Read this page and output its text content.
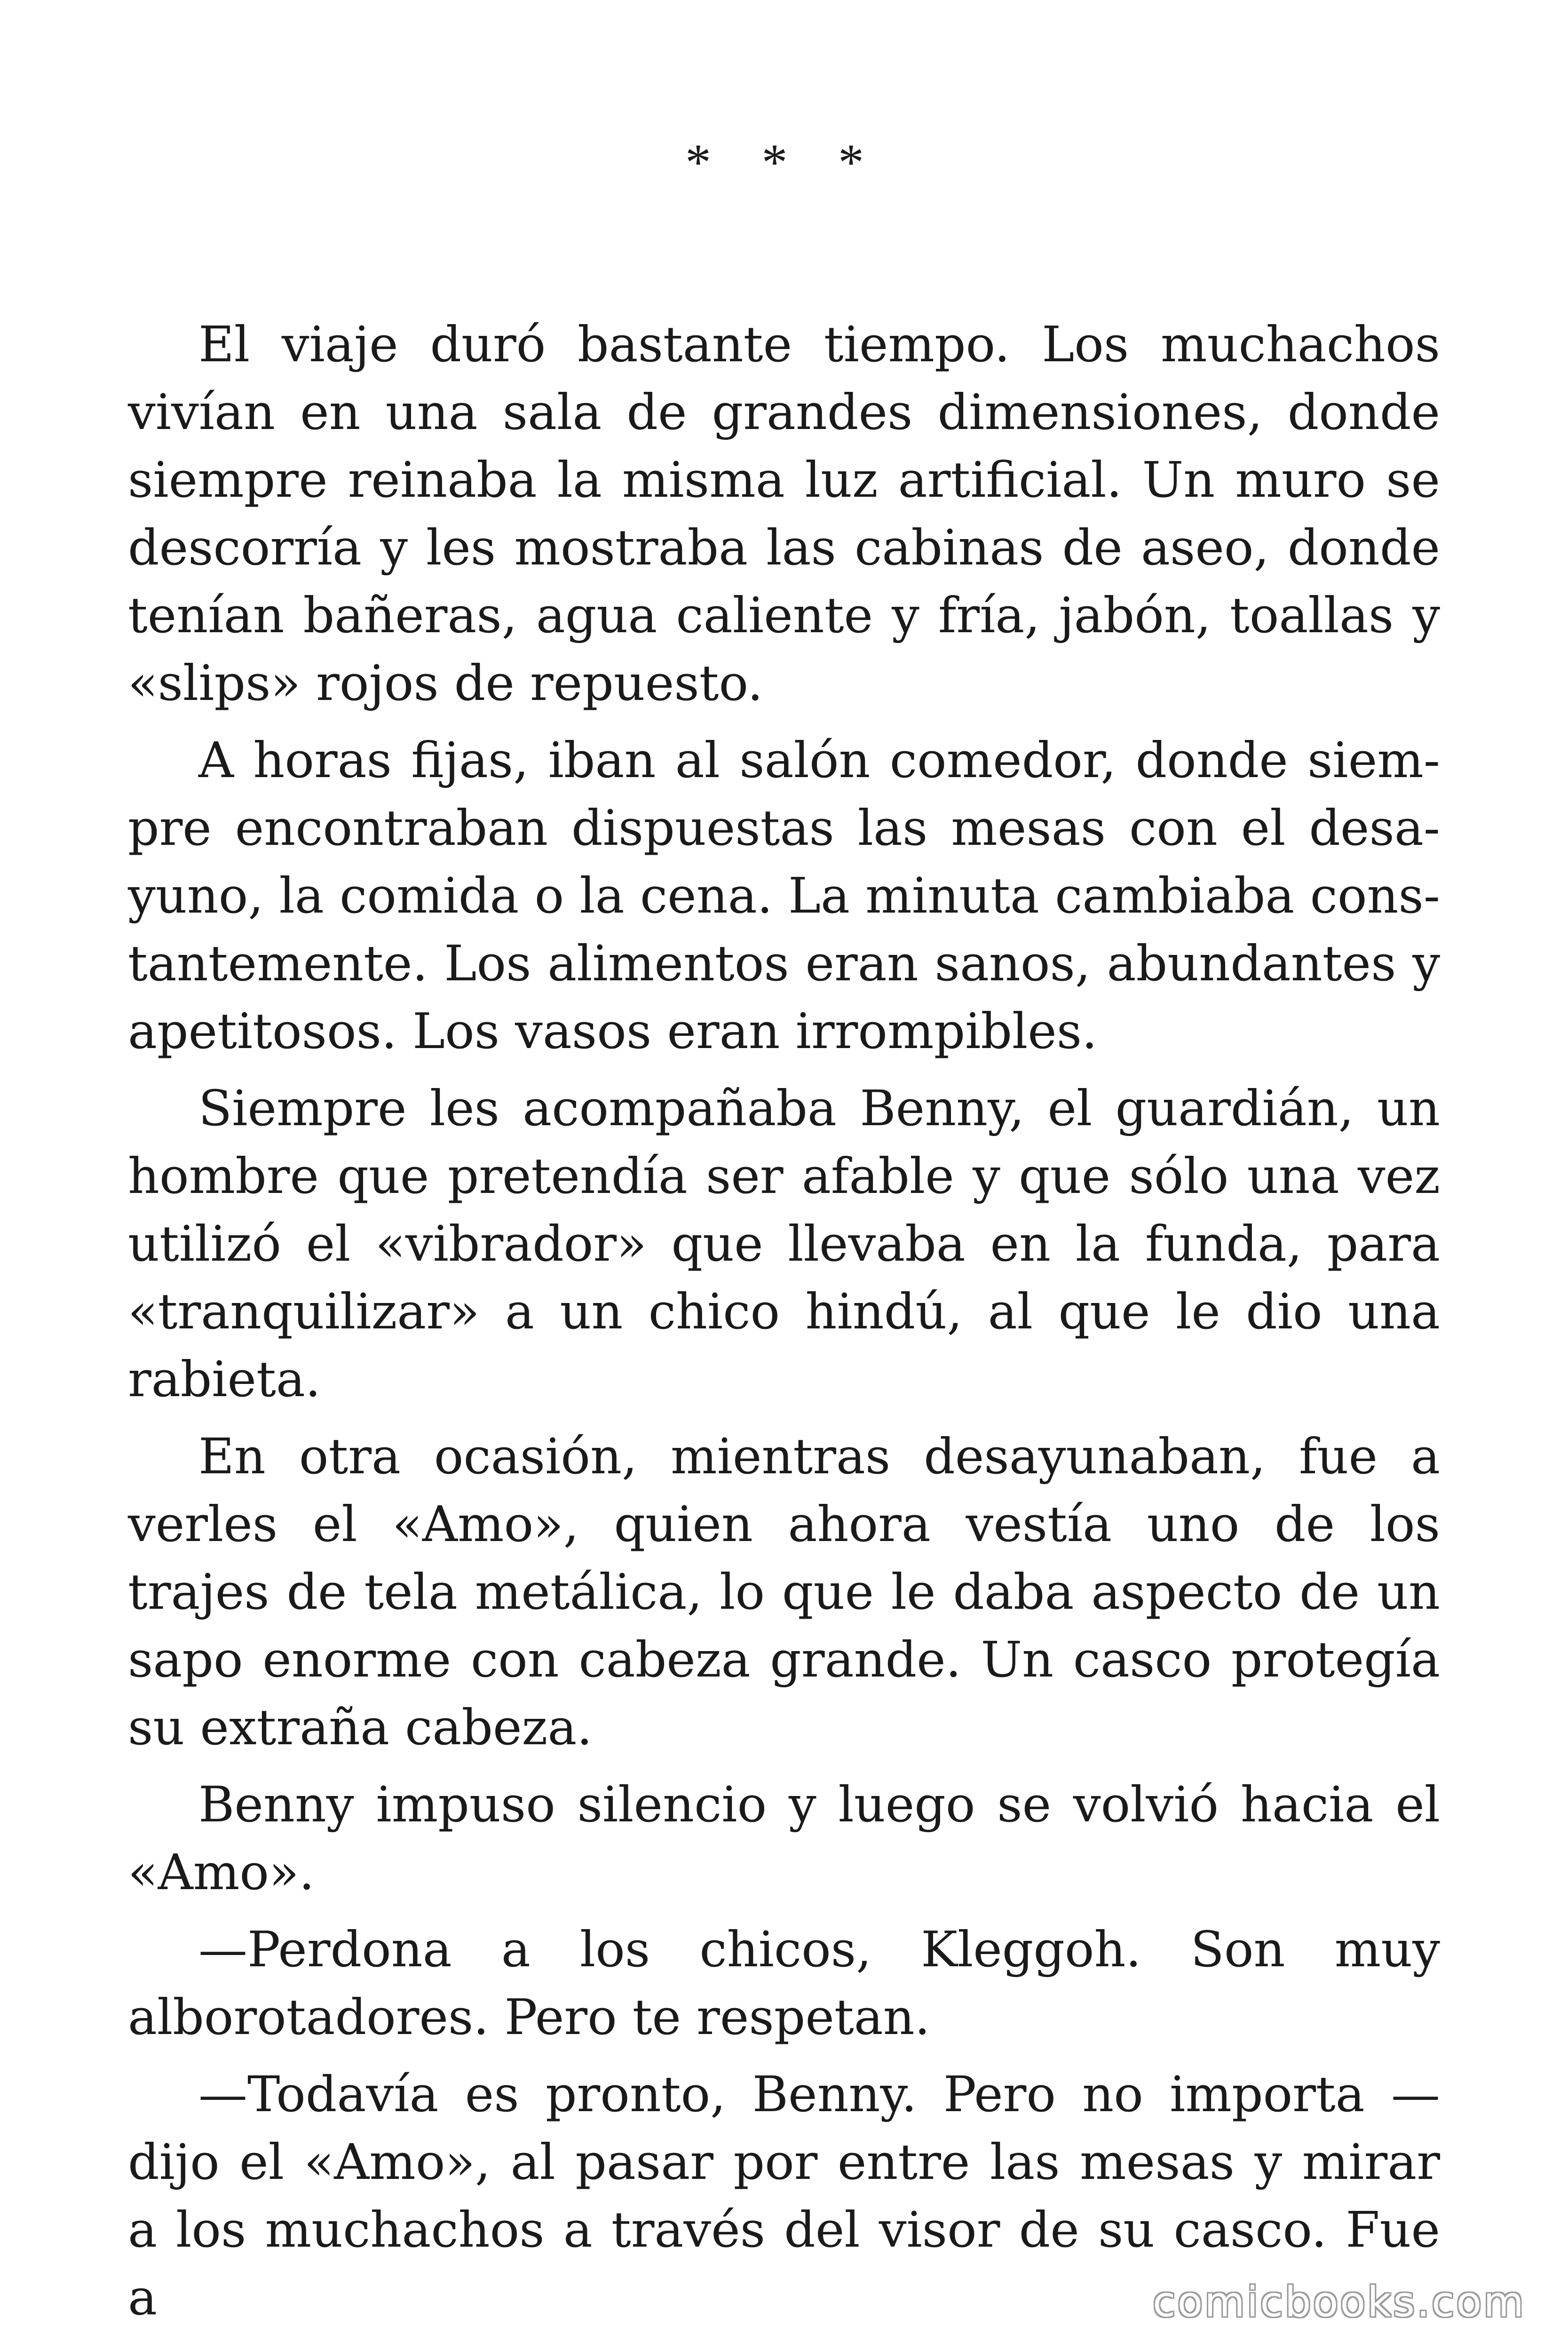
* * *

El viaje duró bastante tiempo. Los muchachos vivían en una sala de grandes dimensiones, donde siempre reinaba la misma luz artificial. Un muro se descorría y les mostraba las cabinas de aseo, donde tenían bañeras, agua caliente y fría, jabón, toallas y «slips» rojos de repuesto.

A horas fijas, iban al salón comedor, donde siempre encontraban dispuestas las mesas con el desayuno, la comida o la cena. La minuta cambiaba constantemente. Los alimentos eran sanos, abundantes y apetitosos. Los vasos eran irrompibles.

Siempre les acompañaba Benny, el guardián, un hombre que pretendía ser afable y que sólo una vez utilizó el «vibrador» que llevaba en la funda, para «tranquilizar» a un chico hindú, al que le dio una rabieta.

En otra ocasión, mientras desayunaban, fue a verles el «Amo», quien ahora vestía uno de los trajes de tela metálica, lo que le daba aspecto de un sapo enorme con cabeza grande. Un casco protegía su extraña cabeza.

Benny impuso silencio y luego se volvió hacia el «Amo».

—Perdona a los chicos, Kleggoh. Son muy alborotadores. Pero te respetan.

—Todavía es pronto, Benny. Pero no importa —dijo el «Amo», al pasar por entre las mesas y mirar a los muchachos a través del visor de su casco. Fue a	comicbooks.com
